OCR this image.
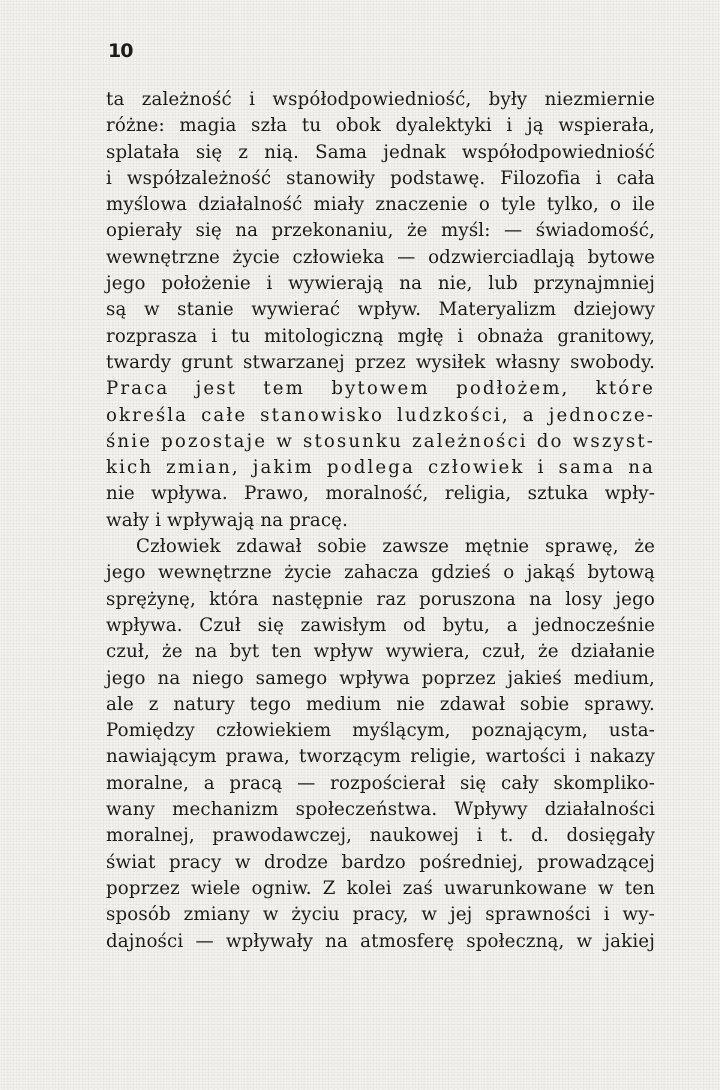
10
ta zależność i współodpowiedniość, były niezmiernie
różne: magia szła tu obok dyalektyki i ją wspierała,
splatała się z nią. Sama jednak współodpowiedniość
i współzależność stanowiły podstawę. Filozofia i cała
myślowa działalność miały znaczenie o tyle tylko, o ile
opierały się na przekonaniu, że myśl: — świadomość,
wewnętrzne życie człowieka — odzwierciadlają bytowe
jego położenie i wywierają na nie, lub przynajmniej
są w stanie wywierać wpływ. Materyalizm dziejowy
rozprasza i tu mitologiczną mgłę i obnaża granitowy,
twardy grunt stwarzanej przez wysiłek własny swobody.
Praca jest tem bytowem podłożem, które
określa całe stanowisko ludzkości, a jednocze-
śnie pozostaje w stosunku zależności do wszyst-
kich zmian, jakim podlega człowiek i sama na
nie wpływa. Prawo, moralność, religia, sztuka wpły-
wały i wpływają na pracę.
Człowiek zdawał sobie zawsze mętnie sprawę, że
jego wewnętrzne życie zahacza gdzieś o jakąś bytową
sprężynę, która następnie raz poruszona na losy jego
wpływa. Czuł się zawisłym od bytu, a jednocześnie
czuł, że na byt ten wpływ wywiera, czuł, że działanie
jego na niego samego wpływa poprzez jakieś medium,
ale z natury tego medium nie zdawał sobie sprawy.
Pomiędzy człowiekiem myślącym, poznającym, usta-
nawiającym prawa, tworzącym religie, wartości i nakazy
moralne, a pracą — rozpościerał się cały skompliko-
wany mechanizm społeczeństwa. Wpływy działalności
moralnej, prawodawczej, naukowej i t. d. dosięgały
świat pracy w drodze bardzo pośredniej, prowadzącej
poprzez wiele ogniw. Z kolei zaś uwarunkowane w ten
sposób zmiany w życiu pracy, w jej sprawności i wy-
dajności — wpływały na atmosferę społeczną, w jakiej
